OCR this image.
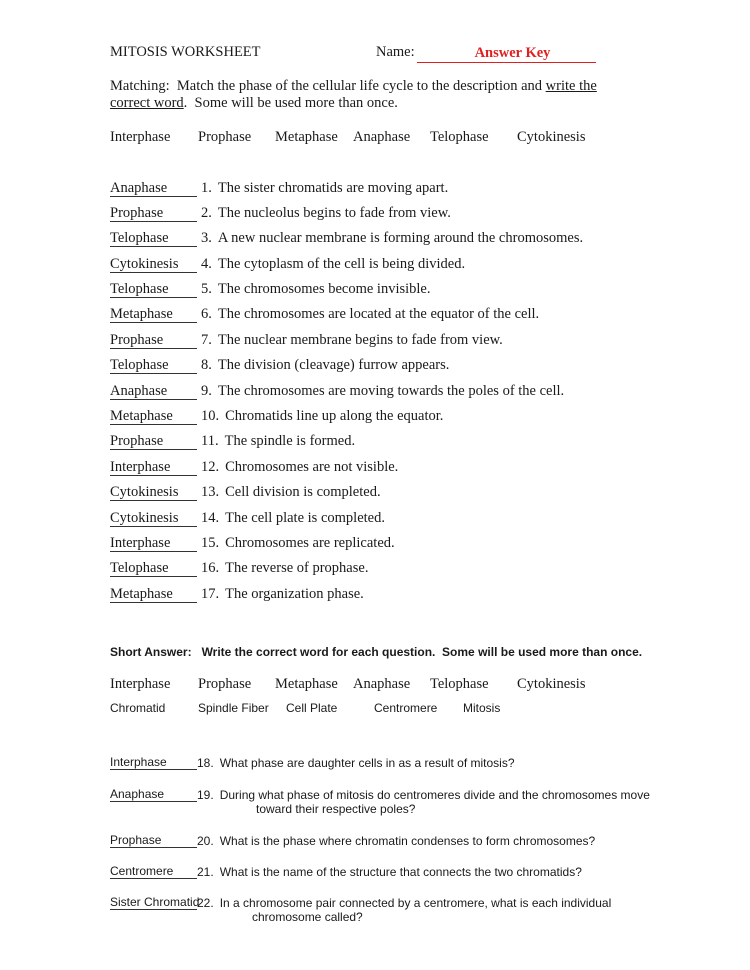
MITOSIS WORKSHEET	Name:	Answer Key
Matching:  Match the phase of the cellular life cycle to the description and write the correct word.  Some will be used more than once.
Interphase Prophase Metaphase Anaphase Telophase Cytokinesis
Anaphase 1. The sister chromatids are moving apart.
Prophase	2. The nucleolus begins to fade from view.
Telophase 3. A new nuclear membrane is forming around the chromosomes.
Cytokinesis 4. The cytoplasm of the cell is being divided.
Telophase 5. The chromosomes become invisible.
Metaphase 6. The chromosomes are located at the equator of the cell.
Prophase	7. The nuclear membrane begins to fade from view.
Telophase 8. The division (cleavage) furrow appears.
Anaphase 9. The chromosomes are moving towards the poles of the cell.
Metaphase 10. Chromatids line up along the equator.
Prophase	11. The spindle is formed.
Interphase 12. Chromosomes are not visible.
Cytokinesis 13. Cell division is completed.
Cytokinesis 14. The cell plate is completed.
Interphase 15. Chromosomes are replicated.
Telophase 16. The reverse of prophase.
Metaphase 17. The organization phase.
Short Answer:   Write the correct word for each question.  Some will be used more than once.
Interphase Prophase Metaphase Anaphase Telophase Cytokinesis
Chromatid	Spindle Fiber Cell Plate	Centromere Mitosis
Interphase	18. What phase are daughter cells in as a result of mitosis?
Anaphase	19. During what phase of mitosis do centromeres divide and the chromosomes move
toward their respective poles?
Prophase	20. What is the phase where chromatin condenses to form chromosomes?
Centromere 21. What is the name of the structure that connects the two chromatids?
Sister Chromatid22. In a chromosome pair connected by a centromere, what is each individual
chromosome called?
